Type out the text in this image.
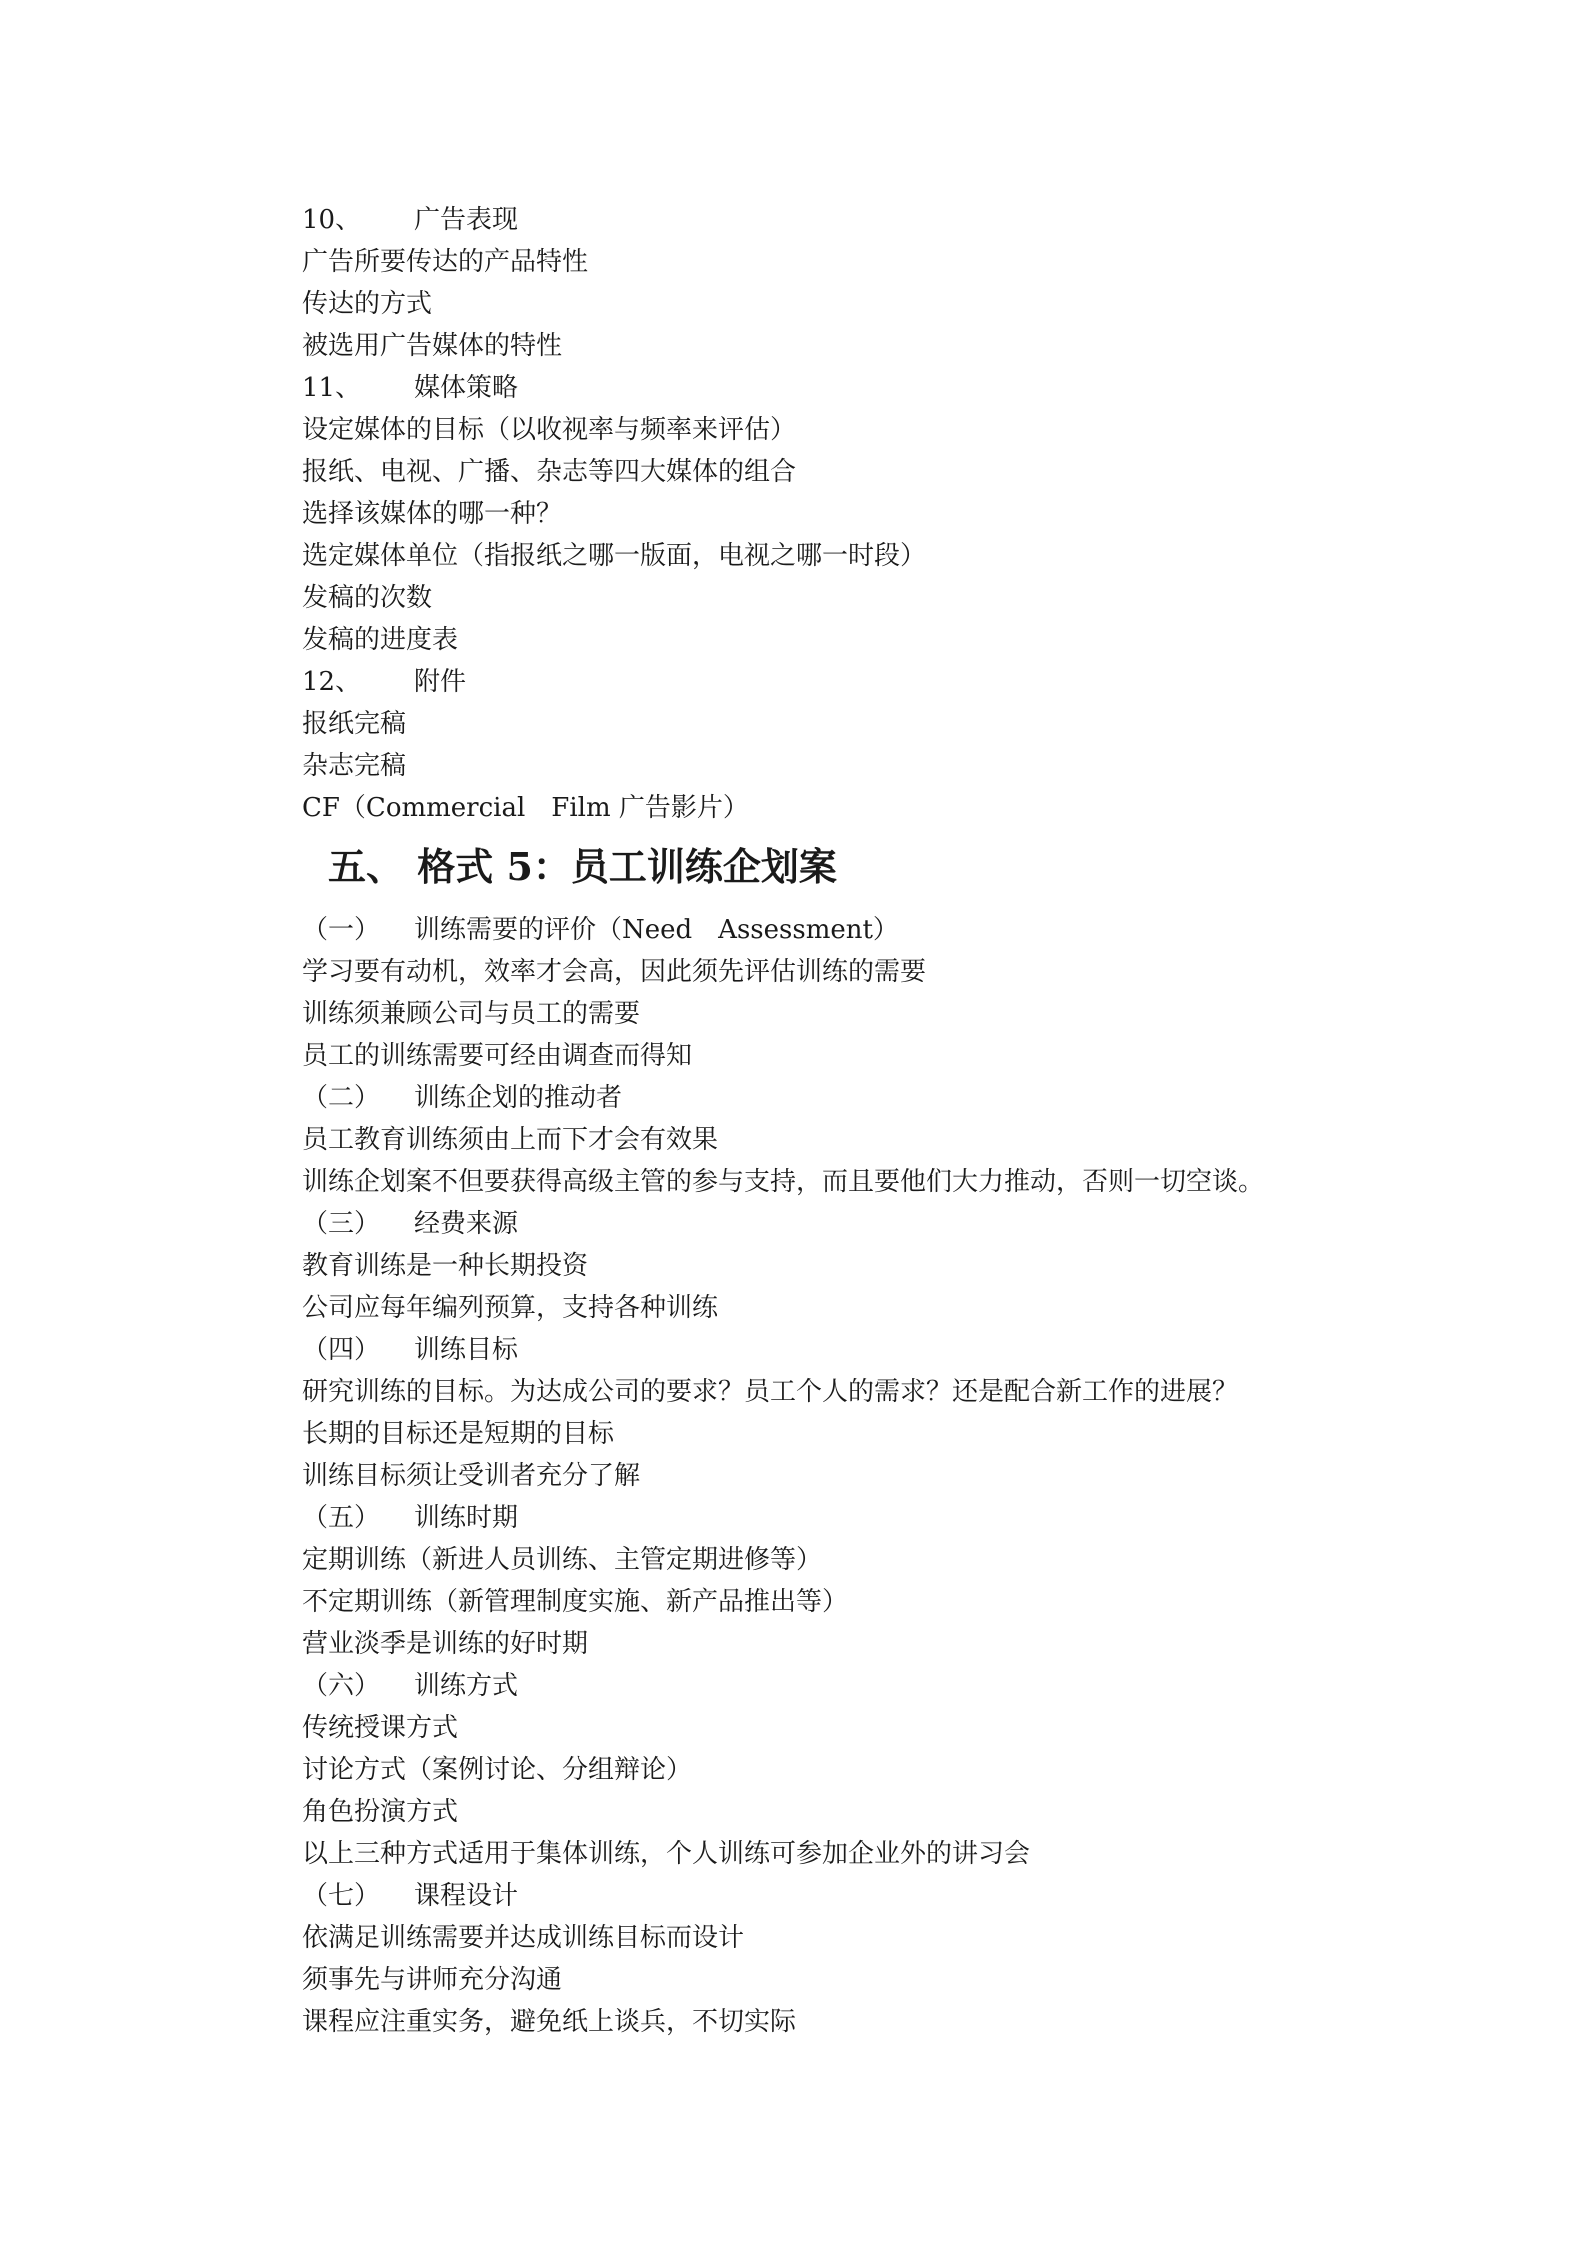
10、 广告表现

广告所要传达的产品特性

传达的方式

被选用广告媒体的特性

11、 媒体策略

设定媒体的目标（以收视率与频率来评估）

报纸、电视、广播、杂志等四大媒体的组合

选择该媒体的哪一种？

选定媒体单位（指报纸之哪一版面，电视之哪一时段）

发稿的次数

发稿的进度表

12、 附件

报纸完稿

杂志完稿

CF（Commercial　Film 广告影片）

五、 格式 5：员工训练企划案

（一） 训练需要的评价（Need　Assessment）

学习要有动机，效率才会高，因此须先评估训练的需要

训练须兼顾公司与员工的需要

员工的训练需要可经由调查而得知

（二） 训练企划的推动者

员工教育训练须由上而下才会有效果

训练企划案不但要获得高级主管的参与支持，而且要他们大力推动，否则一切空谈。

（三） 经费来源

教育训练是一种长期投资

公司应每年编列预算，支持各种训练

（四） 训练目标

研究训练的目标。为达成公司的要求？员工个人的需求？还是配合新工作的进展？

长期的目标还是短期的目标

训练目标须让受训者充分了解

（五） 训练时期

定期训练（新进人员训练、主管定期进修等）

不定期训练（新管理制度实施、新产品推出等）

营业淡季是训练的好时期

（六） 训练方式

传统授课方式

讨论方式（案例讨论、分组辩论）

角色扮演方式

以上三种方式适用于集体训练，个人训练可参加企业外的讲习会

（七） 课程设计

依满足训练需要并达成训练目标而设计

须事先与讲师充分沟通

课程应注重实务，避免纸上谈兵，不切实际
